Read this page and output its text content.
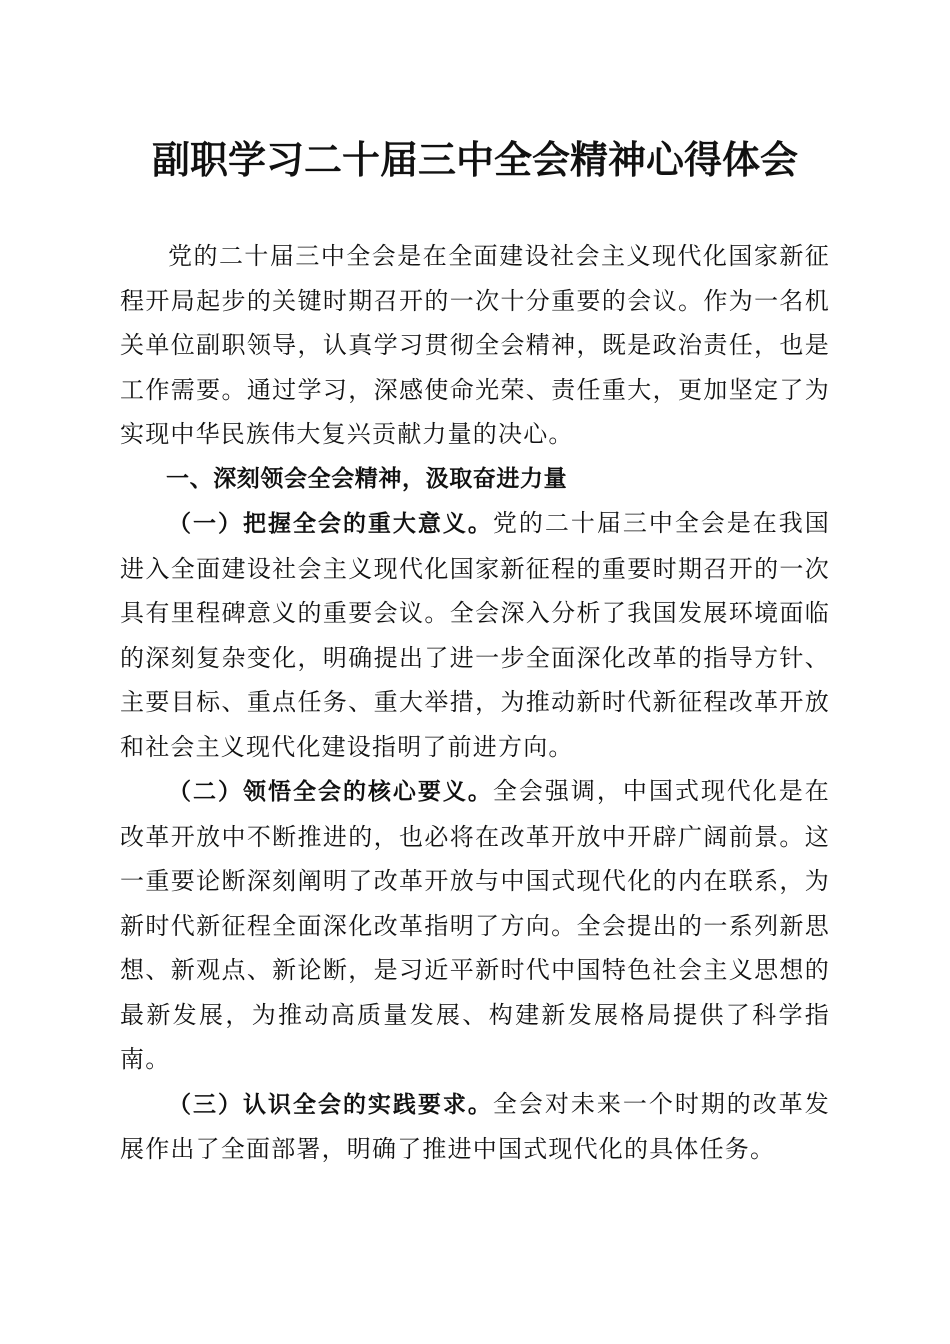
副职学习二十届三中全会精神心得体会

党的二十届三中全会是在全面建设社会主义现代化国家新征程开局起步的关键时期召开的一次十分重要的会议。作为一名机关单位副职领导，认真学习贯彻全会精神，既是政治责任，也是工作需要。通过学习，深感使命光荣、责任重大，更加坚定了为实现中华民族伟大复兴贡献力量的决心。

一、深刻领会全会精神，汲取奋进力量

（一）把握全会的重大意义。党的二十届三中全会是在我国进入全面建设社会主义现代化国家新征程的重要时期召开的一次具有里程碑意义的重要会议。全会深入分析了我国发展环境面临的深刻复杂变化，明确提出了进一步全面深化改革的指导方针、主要目标、重点任务、重大举措，为推动新时代新征程改革开放和社会主义现代化建设指明了前进方向。

（二）领悟全会的核心要义。全会强调，中国式现代化是在改革开放中不断推进的，也必将在改革开放中开辟广阔前景。这一重要论断深刻阐明了改革开放与中国式现代化的内在联系，为新时代新征程全面深化改革指明了方向。全会提出的一系列新思想、新观点、新论断，是习近平新时代中国特色社会主义思想的最新发展，为推动高质量发展、构建新发展格局提供了科学指南。

（三）认识全会的实践要求。全会对未来一个时期的改革发展作出了全面部署，明确了推进中国式现代化的具体任务。
